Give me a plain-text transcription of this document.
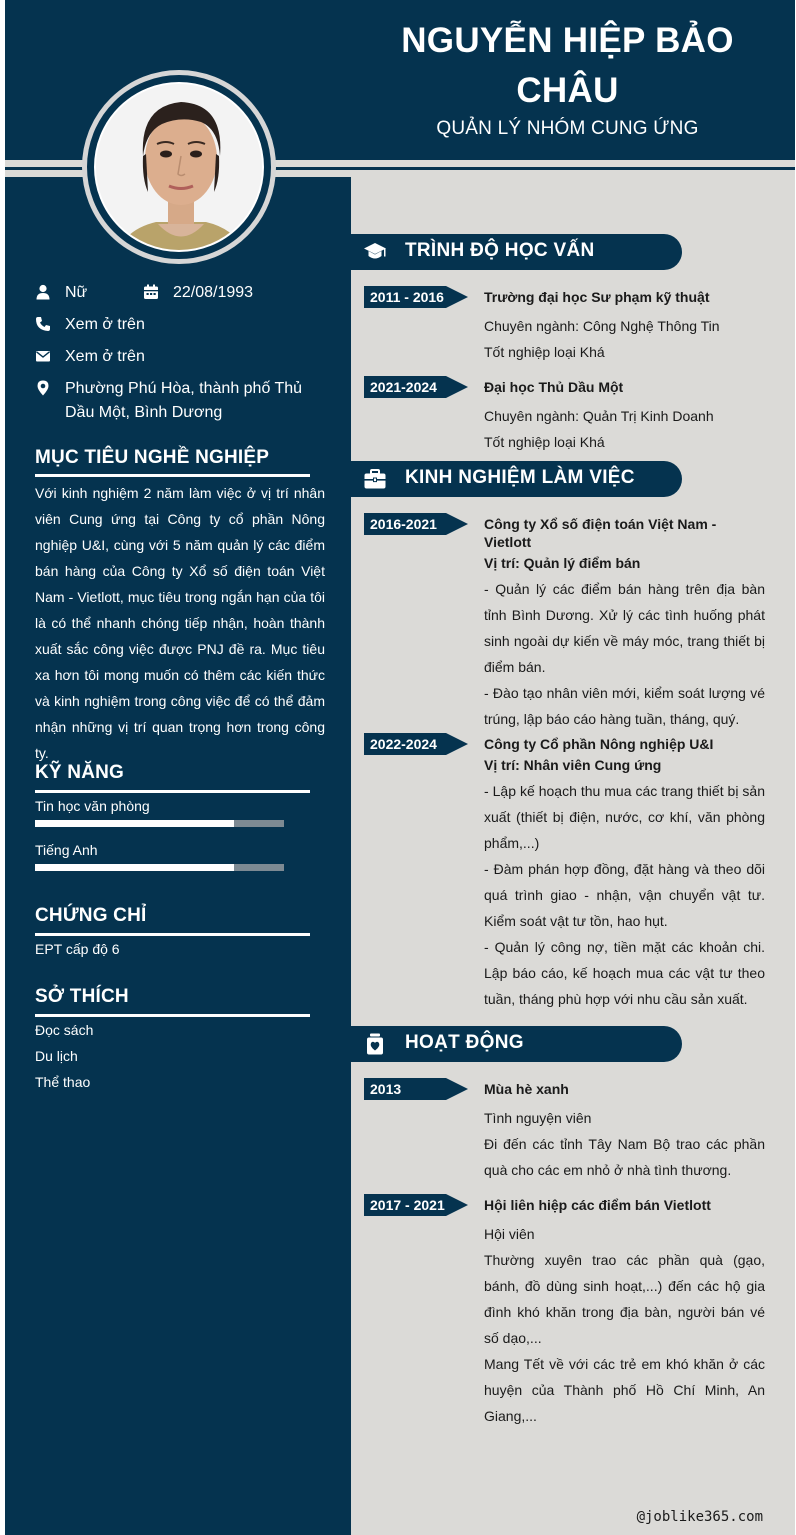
NGUYỄN HIỆP BẢO CHÂU
QUẢN LÝ NHÓM CUNG ỨNG
Nữ	22/08/1993
Xem ở trên
Xem ở trên
Phường Phú Hòa, thành phố Thủ Dầu Một, Bình Dương
MỤC TIÊU NGHỀ NGHIỆP
Với kinh nghiệm 2 năm làm việc ở vị trí nhân viên Cung ứng tại Công ty cổ phần Nông nghiệp U&I, cùng với 5 năm quản lý các điểm bán hàng của Công ty Xổ số điện toán Việt Nam - Vietlott, mục tiêu trong ngắn hạn của tôi là có thể nhanh chóng tiếp nhận, hoàn thành xuất sắc công việc được PNJ đề ra. Mục tiêu xa hơn tôi mong muốn có thêm các kiến thức và kinh nghiệm trong công việc để có thể đảm nhận những vị trí quan trọng hơn trong công ty.
KỸ NĂNG
Tin học văn phòng
Tiếng Anh
CHỨNG CHỈ
EPT cấp độ 6
SỞ THÍCH
Đọc sách
Du lịch
Thể thao
TRÌNH ĐỘ HỌC VẤN
2011 - 2016	Trường đại học Sư phạm kỹ thuật
Chuyên ngành: Công Nghệ Thông Tin
Tốt nghiệp loại Khá
2021-2024	Đại học Thủ Dầu Một
Chuyên ngành: Quản Trị Kinh Doanh
Tốt nghiệp loại Khá
KINH NGHIỆM LÀM VIỆC
2016-2021	Công ty Xổ số điện toán Việt Nam - Vietlott
Vị trí: Quản lý điểm bán
- Quản lý các điểm bán hàng trên địa bàn tỉnh Bình Dương. Xử lý các tình huống phát sinh ngoài dự kiến về máy móc, trang thiết bị điểm bán.
- Đào tạo nhân viên mới, kiểm soát lượng vé trúng, lập báo cáo hàng tuần, tháng, quý.
2022-2024	Công ty Cổ phần Nông nghiệp U&I
Vị trí: Nhân viên Cung ứng
- Lập kế hoạch thu mua các trang thiết bị sản xuất (thiết bị điện, nước, cơ khí, văn phòng phẩm,...)
- Đàm phán hợp đồng, đặt hàng và theo dõi quá trình giao - nhận, vận chuyển vật tư. Kiểm soát vật tư tồn, hao hụt.
- Quản lý công nợ, tiền mặt các khoản chi. Lập báo cáo, kế hoạch mua các vật tư theo tuần, tháng phù hợp với nhu cầu sản xuất.
HOẠT ĐỘNG
2013	Mùa hè xanh
Tình nguyện viên
Đi đến các tỉnh Tây Nam Bộ trao các phần quà cho các em nhỏ ở nhà tình thương.
2017 - 2021	Hội liên hiệp các điểm bán Vietlott
Hội viên
Thường xuyên trao các phần quà (gạo, bánh, đồ dùng sinh hoạt,...) đến các hộ gia đình khó khăn trong địa bàn, người bán vé số dạo,...
Mang Tết về với các trẻ em khó khăn ở các huyện của Thành phố Hồ Chí Minh, An Giang,...
@joblike365.com
